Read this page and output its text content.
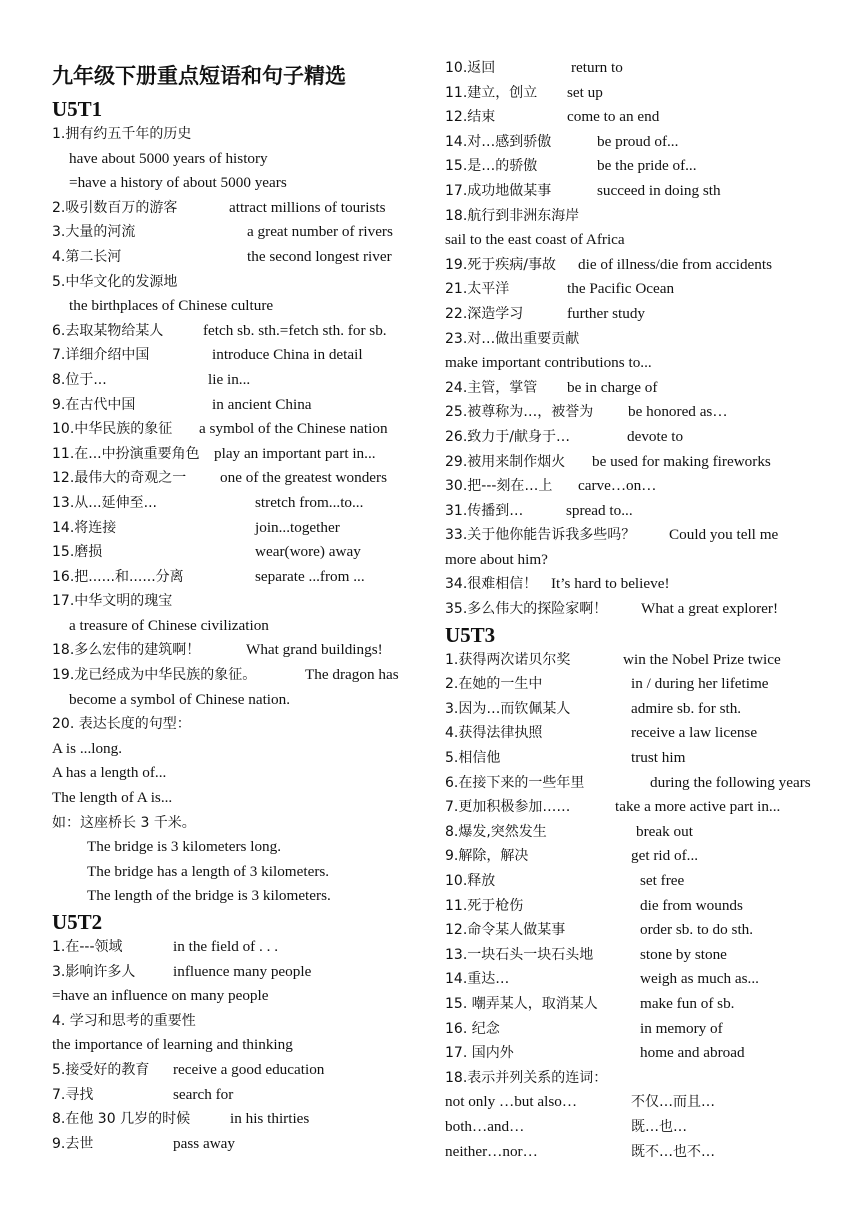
九年级下册重点短语和句子精选
U5T1
1.拥有约五千年的历史
have about 5000 years of history
=have a history of about 5000 years
2.吸引数百万的游客	attract millions of tourists
3.大量的河流	a great number of rivers
4.第二长河	the second longest river
5.中华文化的发源地
the birthplaces of Chinese culture
6.去取某物给某人	fetch sb. sth.=fetch sth. for sb.
7.详细介绍中国	introduce China in detail
8.位于...	lie in...
9.在古代中国	in ancient China
10.中华民族的象征 a symbol of the Chinese nation
11.在...中扮演重要角色 play an important part in...
12.最伟大的奇观之一 one of the greatest wonders
13.从...延伸至...	stretch from...to...
14.将连接	join...together
15.磨损	wear(wore) away
16.把......和......分离	separate ...from ...
17.中华文明的瑰宝
a treasure of Chinese civilization
18.多么宏伟的建筑啊！	What grand buildings!
19.龙已经成为中华民族的象征。	The dragon has
become a symbol of Chinese nation.
20. 表达长度的句型：
A is ...long.
A has a length of...
The length of A is...
如：这座桥长 3 千米。
The bridge is 3 kilometers long.
The bridge has a length of 3 kilometers.
The length of the bridge is 3 kilometers.
U5T2
1.在---领域	in the field of . . .
3.影响许多人 influence many people
=have an influence on many people
4. 学习和思考的重要性
the importance of learning and thinking
5.接受好的教育 receive a good education
7.寻找	search for
8.在他 30 几岁的时候	in his thirties
9.去世	pass away
10.返回	return to
11.建立，创立 set up
12.结束	come to an end
14.对…感到骄傲	be proud of...
15.是…的骄傲	be the pride of...
17.成功地做某事	succeed in doing sth
18.航行到非洲东海岸
sail to the east coast of Africa
19.死于疾病/事故 die of illness/die from accidents
21.太平洋	the Pacific Ocean
22.深造学习	further study
23.对…做出重要贡献
make important contributions to...
24.主管，掌管 be in charge of
25.被尊称为…，被誉为 be honored as…
26.致力于/献身于…	devote to
29.被用来制作烟火 be used for making fireworks
30.把---刻在…上 carve…on…
31.传播到…	spread to...
33.关于他你能告诉我多些吗？ Could you tell me
more about him?
34.很难相信！ It’s hard to believe!
35.多么伟大的探险家啊！ What a great explorer!
U5T3
1.获得两次诺贝尔奖	win the Nobel Prize twice
2.在她的一生中	in / during her lifetime
3.因为…而钦佩某人	admire sb. for sth.
4.获得法律执照	receive a law license
5.相信他	trust him
6.在接下来的一些年里	during the following years
7.更加积极参加……	take a more active part in...
8.爆发,突然发生	break out
9.解除，解决	get rid of...
10.释放	set free
11.死于枪伤	die from wounds
12.命令某人做某事	order sb. to do sth.
13.一块石头一块石头地	stone by stone
14.重达…	weigh as much as...
15. 嘲弄某人，取消某人	make fun of sb.
16. 纪念	in memory of
17. 国内外	home and abroad
18.表示并列关系的连词：
not only …but also…	不仅…而且…
both…and…	既…也…
neither…nor…	既不…也不…
